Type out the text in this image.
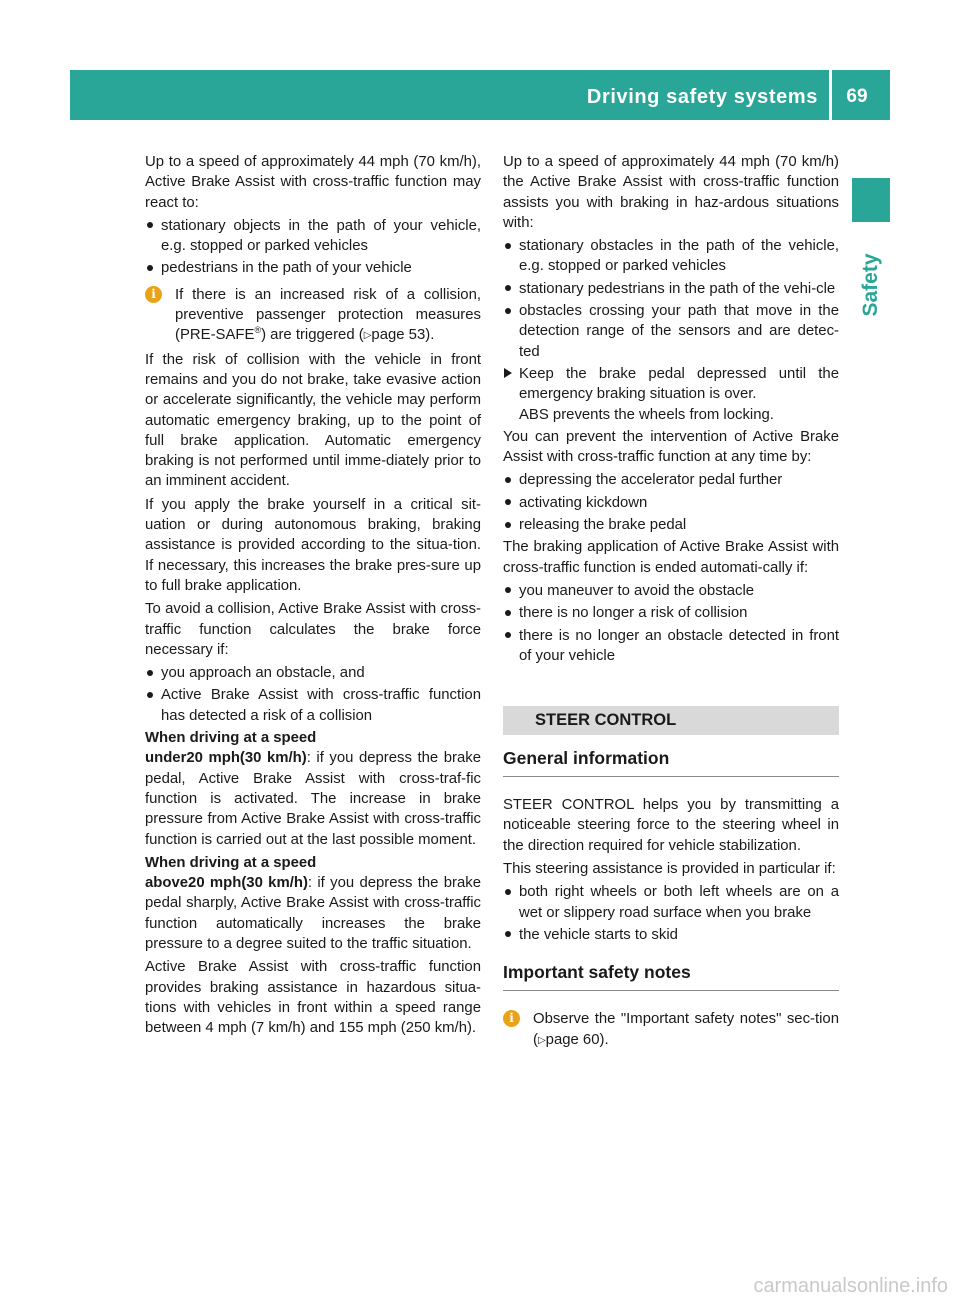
Driving safety systems	69
Safety

Up to a speed of approximately 44 mph (70 km/h), Active Brake Assist with cross-traffic function may react to:

stationary objects in the path of your vehicle, e.g. stopped or parked vehicles
pedestrians in the path of your vehicle
i	If there is an increased risk of a collision, preventive passenger protection measures (PRE-SAFE®) are triggered (▷page 53).

If the risk of collision with the vehicle in front remains and you do not brake, take evasive action or accelerate significantly, the vehicle may perform automatic emergency braking, up to the point of full brake application. Automatic emergency braking is not performed until imme-diately prior to an imminent accident.

If you apply the brake yourself in a critical sit-uation or during autonomous braking, braking assistance is provided according to the situa-tion. If necessary, this increases the brake pres-sure up to full brake application.

To avoid a collision, Active Brake Assist with cross-traffic function calculates the brake force necessary if:

you approach an obstacle, and
Active Brake Assist with cross-traffic function has detected a risk of a collision

When driving at a speed

under20 mph(30 km/h): if you depress the brake pedal, Active Brake Assist with cross-traf-fic function is activated. The increase in brake pressure from Active Brake Assist with cross-traffic function is carried out at the last possible moment.

When driving at a speed

above20 mph(30 km/h): if you depress the brake pedal sharply, Active Brake Assist with cross-traffic function automatically increases the brake pressure to a degree suited to the traffic situation.

Active Brake Assist with cross-traffic function provides braking assistance in hazardous situa-tions with vehicles in front within a speed range between 4 mph (7 km/h) and 155 mph (250 km/h).

Up to a speed of approximately 44 mph (70 km/h) the Active Brake Assist with cross-traffic function assists you with braking in haz-ardous situations with:

stationary obstacles in the path of the vehicle, e.g. stopped or parked vehicles
stationary pedestrians in the path of the vehi-cle
obstacles crossing your path that move in the detection range of the sensors and are detec-ted
Keep the brake pedal depressed until the emergency braking situation is over.
ABS prevents the wheels from locking.

You can prevent the intervention of Active Brake Assist with cross-traffic function at any time by:

depressing the accelerator pedal further
activating kickdown
releasing the brake pedal

The braking application of Active Brake Assist with cross-traffic function is ended automati-cally if:

you maneuver to avoid the obstacle
there is no longer a risk of collision
there is no longer an obstacle detected in front of your vehicle
STEER CONTROL
General information

STEER CONTROL helps you by transmitting a noticeable steering force to the steering wheel in the direction required for vehicle stabilization.

This steering assistance is provided in particular if:

both right wheels or both left wheels are on a wet or slippery road surface when you brake
the vehicle starts to skid
Important safety notes
i	Observe the "Important safety notes" sec-tion (▷page 60).
carmanualsonline.info
